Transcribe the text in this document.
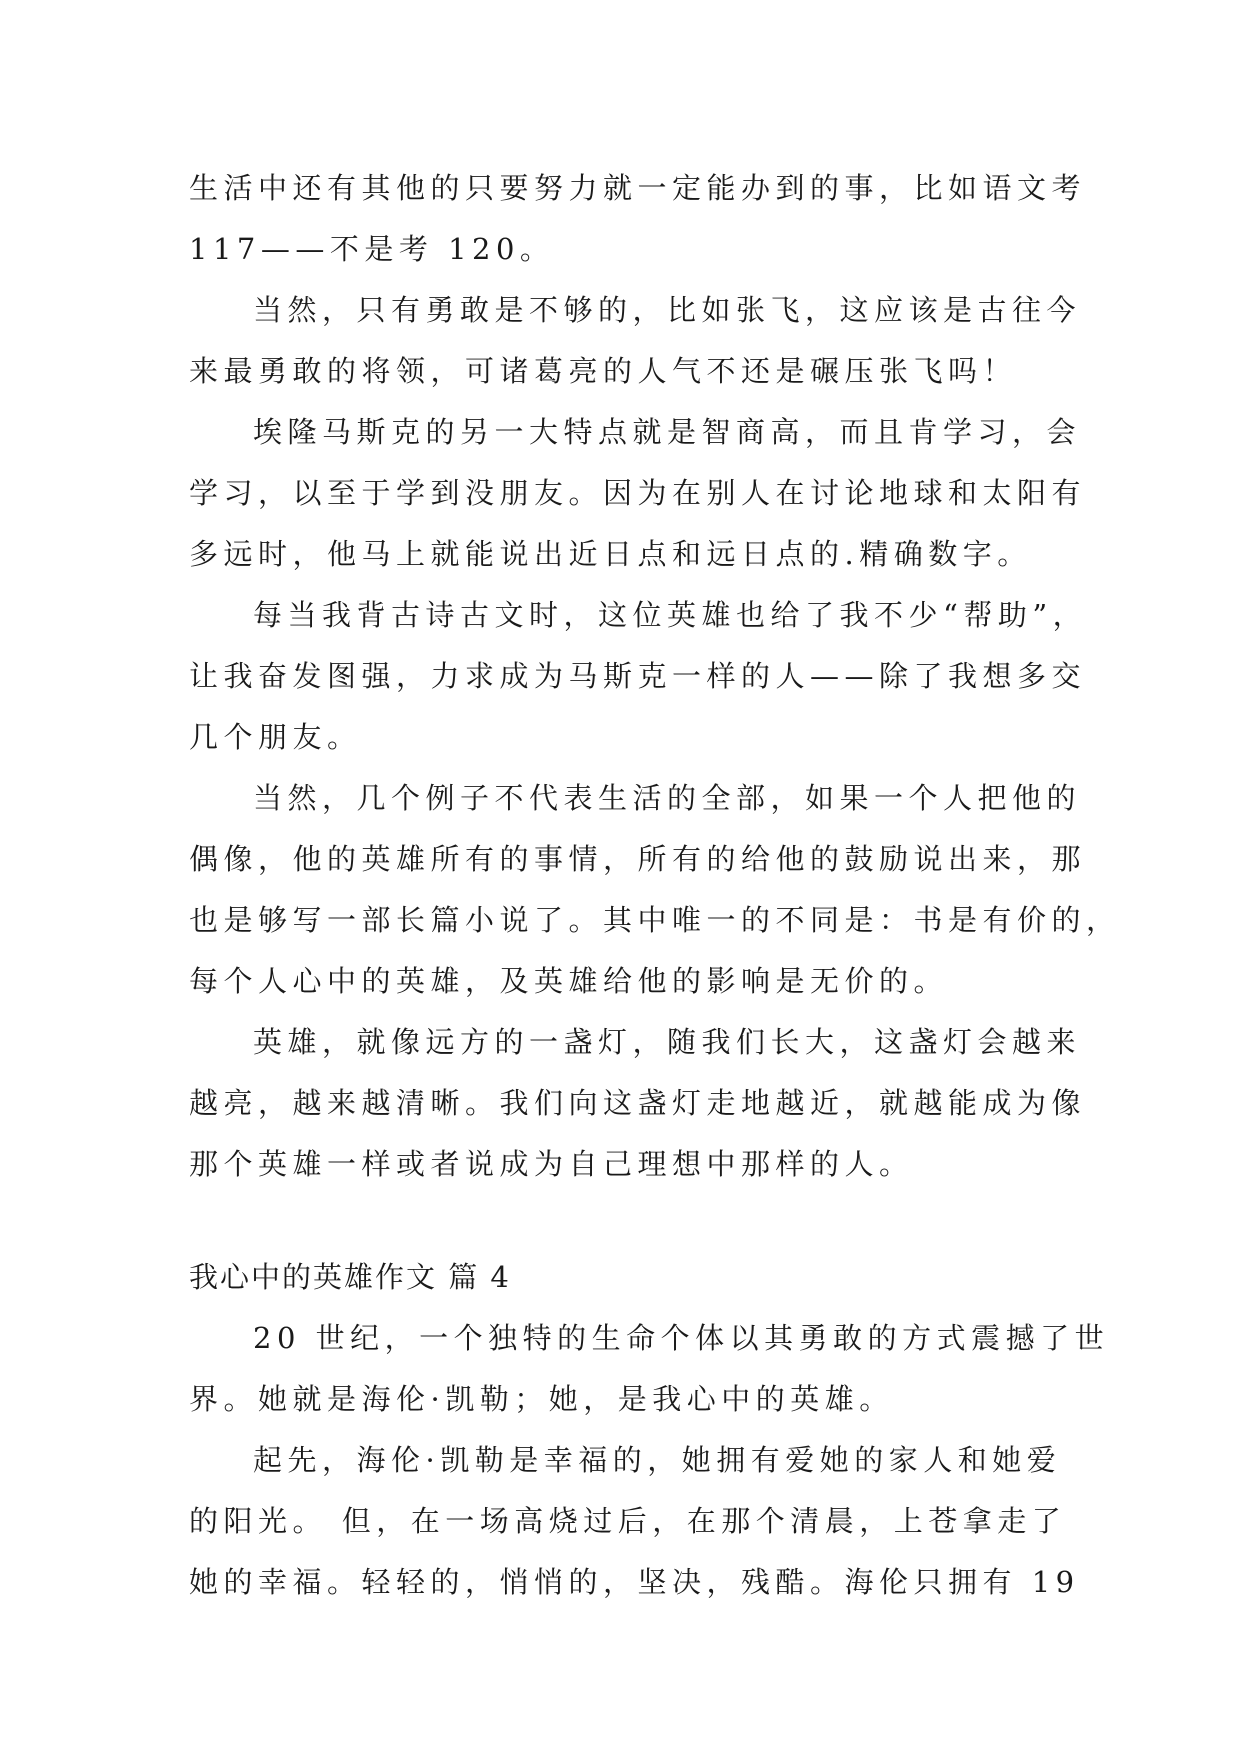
生活中还有其他的只要努力就一定能办到的事，比如语文考
117——不是考 120。
当然，只有勇敢是不够的，比如张飞，这应该是古往今
来最勇敢的将领，可诸葛亮的人气不还是碾压张飞吗！
埃隆马斯克的另一大特点就是智商高，而且肯学习，会
学习，以至于学到没朋友。因为在别人在讨论地球和太阳有
多远时，他马上就能说出近日点和远日点的.精确数字。
每当我背古诗古文时，这位英雄也给了我不少“帮助”，
让我奋发图强，力求成为马斯克一样的人——除了我想多交
几个朋友。
当然，几个例子不代表生活的全部，如果一个人把他的
偶像，他的英雄所有的事情，所有的给他的鼓励说出来，那
也是够写一部长篇小说了。其中唯一的不同是：书是有价的，
每个人心中的英雄，及英雄给他的影响是无价的。
英雄，就像远方的一盏灯，随我们长大，这盏灯会越来
越亮，越来越清晰。我们向这盏灯走地越近，就越能成为像
那个英雄一样或者说成为自己理想中那样的人。
我心中的英雄作文 篇 4
20 世纪，一个独特的生命个体以其勇敢的方式震撼了世
界。她就是海伦·凯勒；她，是我心中的英雄。
起先，海伦·凯勒是幸福的，她拥有爱她的家人和她爱
的阳光。 但，在一场高烧过后，在那个清晨，上苍拿走了
她的幸福。轻轻的，悄悄的，坚决，残酷。海伦只拥有 19
